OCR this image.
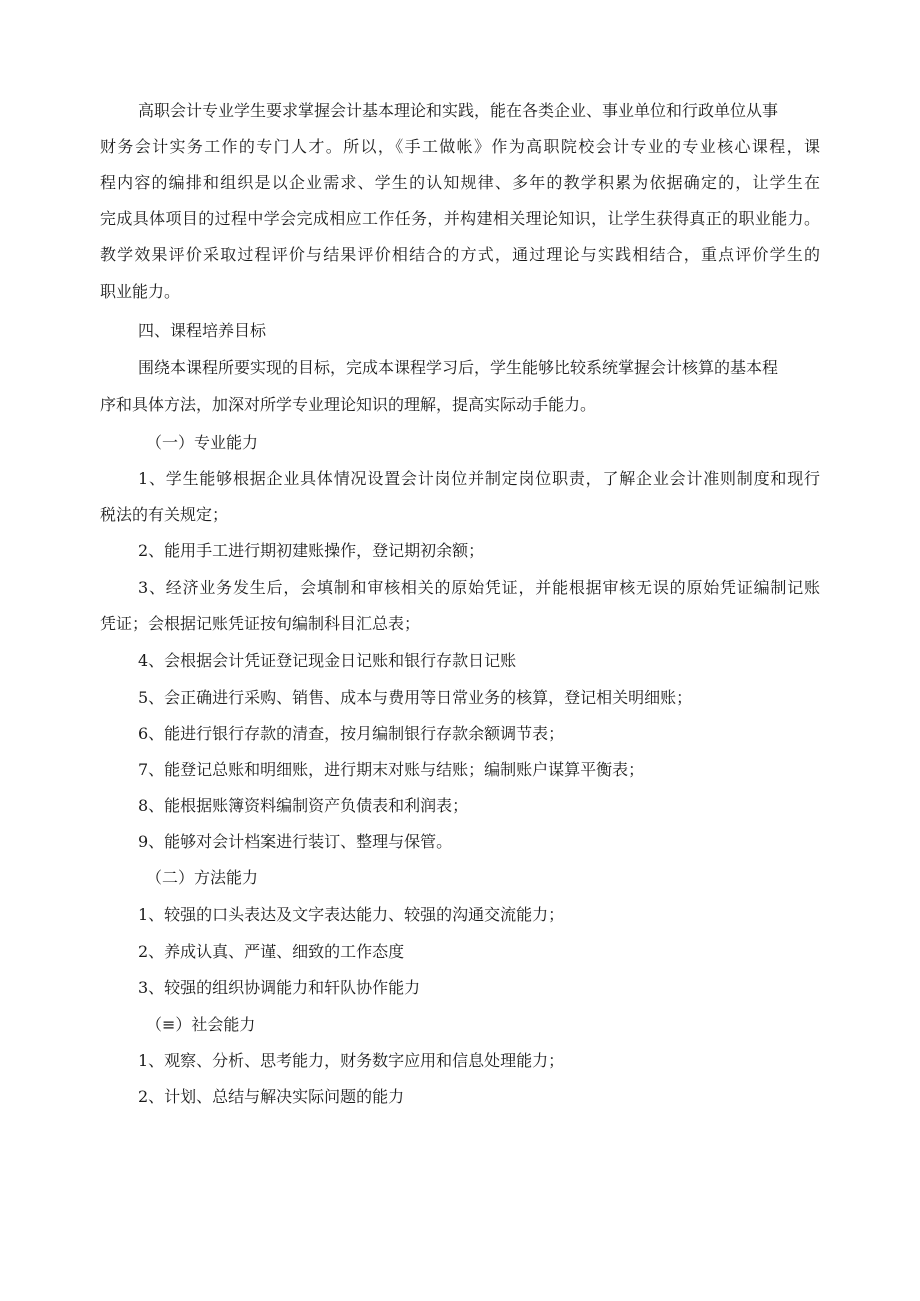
高职会计专业学生要求掌握会计基本理论和实践，能在各类企业、事业单位和行政单位从事
财务会计实务工作的专门人才。所以，《手工做帐》作为高职院校会计专业的专业核心课程，课
程内容的编排和组织是以企业需求、学生的认知规律、多年的教学积累为依据确定的，让学生在
完成具体项目的过程中学会完成相应工作任务，并构建相关理论知识，让学生获得真正的职业能力。
教学效果评价采取过程评价与结果评价相结合的方式，通过理论与实践相结合，重点评价学生的
职业能力。
四、课程培养目标
围绕本课程所要实现的目标，完成本课程学习后，学生能够比较系统掌握会计核算的基本程
序和具体方法，加深对所学专业理论知识的理解，提高实际动手能力。
（一）专业能力
1、学生能够根据企业具体情况设置会计岗位并制定岗位职责，了解企业会计准则制度和现行
税法的有关规定；
2、能用手工进行期初建账操作，登记期初余额；
3、经济业务发生后，会填制和审核相关的原始凭证，并能根据审核无误的原始凭证编制记账
凭证；会根据记账凭证按旬编制科目汇总表；
4、会根据会计凭证登记现金日记账和银行存款日记账
5、会正确进行采购、销售、成本与费用等日常业务的核算，登记相关明细账；
6、能进行银行存款的清查，按月编制银行存款余额调节表；
7、能登记总账和明细账，进行期末对账与结账；编制账户谋算平衡表；
8、能根据账簿资料编制资产负债表和利润表；
9、能够对会计档案进行装订、整理与保管。
（二）方法能力
1、较强的口头表达及文字表达能力、较强的沟通交流能力；
2、养成认真、严谨、细致的工作态度
3、较强的组织协调能力和轩队协作能力
（≡）社会能力
1、观察、分析、思考能力，财务数字应用和信息处理能力；
2、计划、总结与解决实际问题的能力
